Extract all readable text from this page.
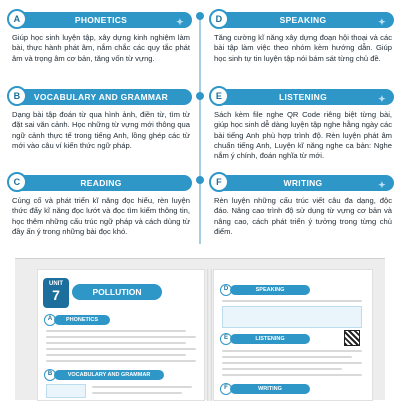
A	PHONETICS	✦
Giúp học sinh luyện tập, xây dựng kinh nghiệm làm bài, thực hành phát âm, nắm chắc các quy tắc phát âm và trọng âm cơ bản, tăng vốn từ vựng.
D	SPEAKING	✦
Tăng cường kĩ năng xây dựng đoạn hội thoại và các bài tập làm việc theo nhóm kèm hướng dẫn. Giúp học sinh tự tin luyện tập nói bám sát từng chủ đề.
B	VOCABULARY AND GRAMMAR
Dạng bài tập đoán từ qua hình ảnh, điền từ, tìm từ đặt sai văn cảnh. Học những từ vựng mới thông qua ngữ cảnh thực tế trong tiếng Anh, lồng ghép các từ mới vào câu ví kiến thức ngữ pháp.
E	LISTENING	✦
Sách kèm file nghe QR Code riêng biệt từng bài, giúp học sinh dễ dàng luyện tập nghe hằng ngày các bài tiếng Anh phù hợp trình độ. Rèn luyện phát âm chuẩn tiếng Anh, Luyện kĩ năng nghe ca bản: Nghe nắm ý chính, đoán nghĩa từ mới.
C	READING
Củng cố và phát triển kĩ năng đọc hiểu, rèn luyện thức đẩy kĩ năng đọc lướt và đọc tìm kiếm thông tin, học thêm những cấu trúc ngữ pháp và cách dùng từ đầy ấn ý trong những bài đọc khó.
F	WRITING	✦
Rèn luyện những cấu trúc viết câu đa dạng, độc đáo. Nâng cao trình độ sử dụng từ vựng cơ bản và nâng cao, cách phát triển ý tưởng trong từng chủ điểm.
UNIT
7	POLLUTION
A	PHONETICS
B	VOCABULARY AND GRAMMAR
D	SPEAKING
E	LISTENING
F	WRITING
